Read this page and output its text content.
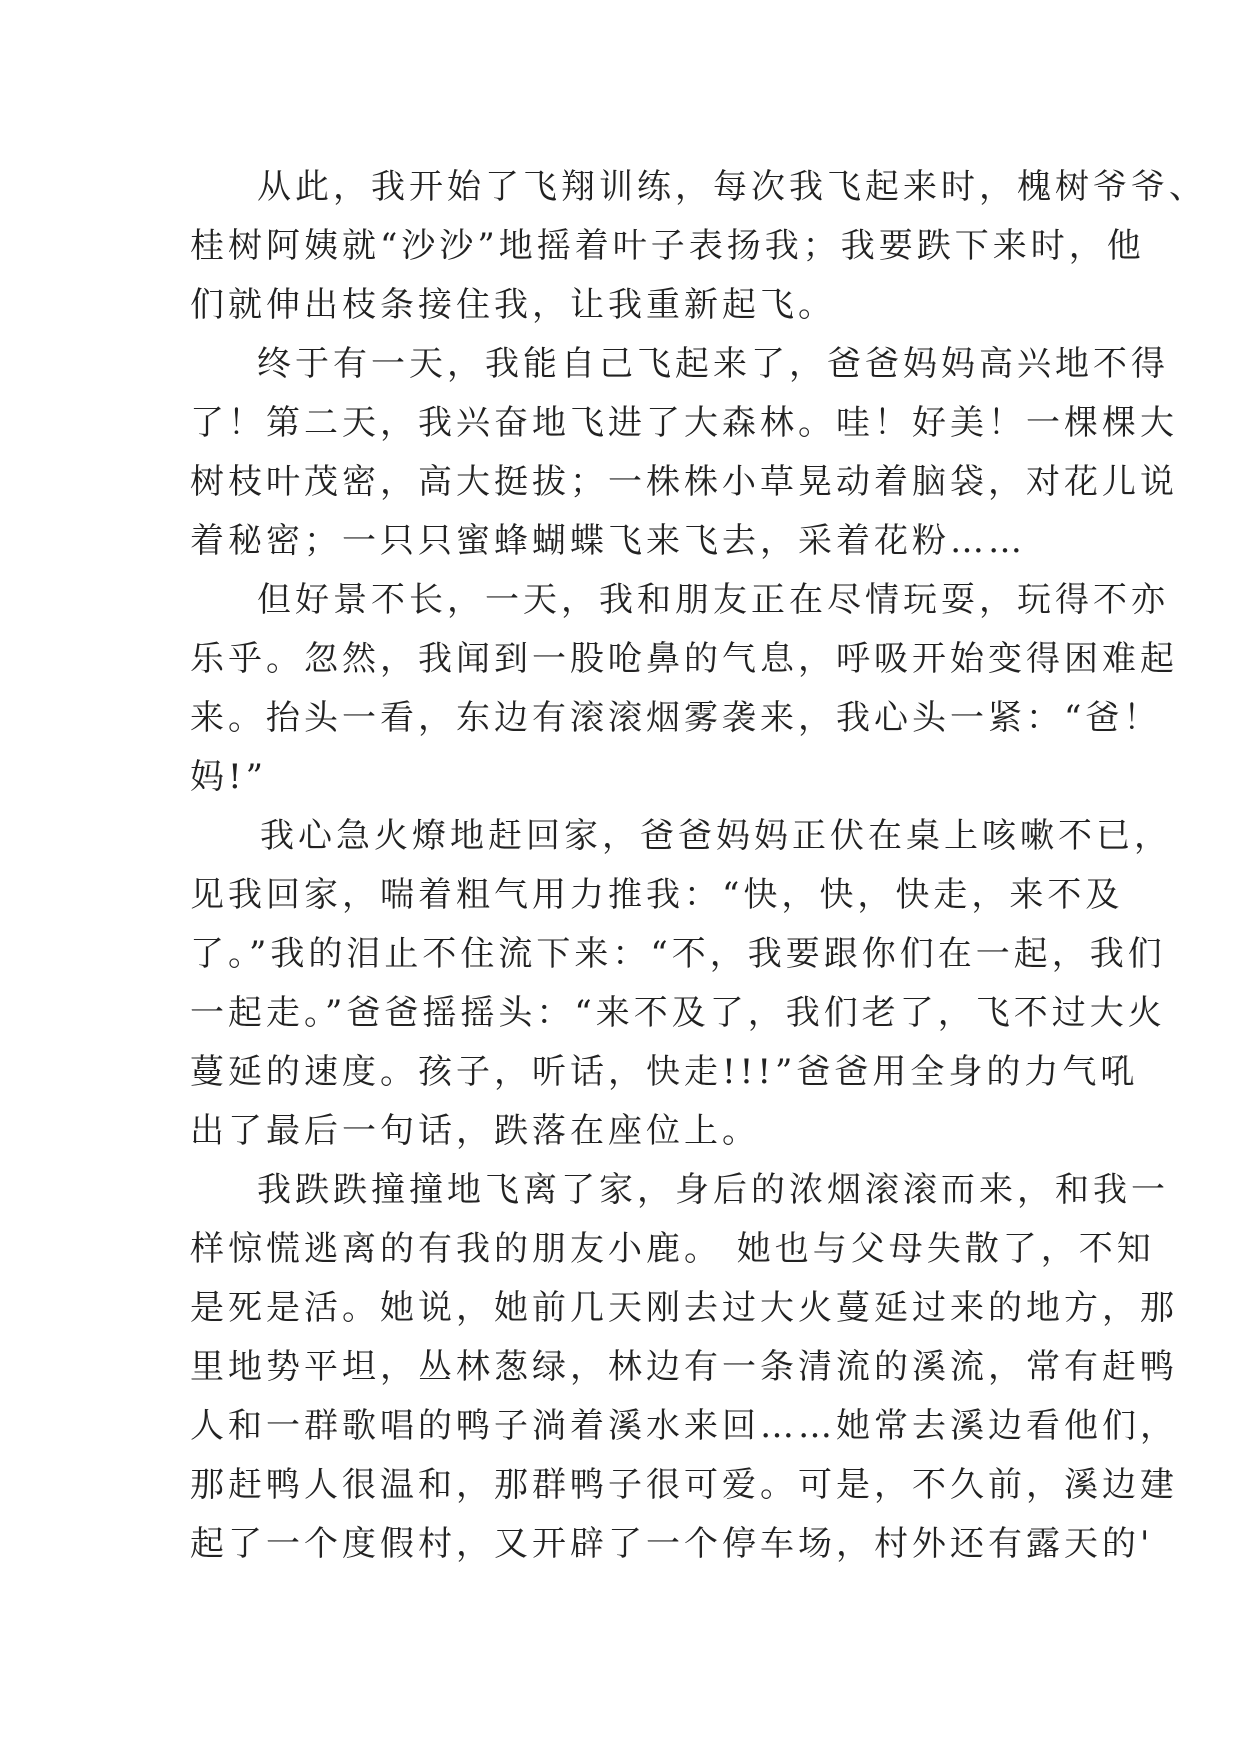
从此，我开始了飞翔训练，每次我飞起来时，槐树爷爷、
桂树阿姨就“沙沙”地摇着叶子表扬我；我要跌下来时，他
们就伸出枝条接住我，让我重新起飞。
终于有一天，我能自己飞起来了，爸爸妈妈高兴地不得
了！第二天，我兴奋地飞进了大森林。哇！好美！一棵棵大
树枝叶茂密，高大挺拔；一株株小草晃动着脑袋，对花儿说
着秘密；一只只蜜蜂蝴蝶飞来飞去，采着花粉……
但好景不长，一天，我和朋友正在尽情玩耍，玩得不亦
乐乎。忽然，我闻到一股呛鼻的气息，呼吸开始变得困难起
来。抬头一看，东边有滚滚烟雾袭来，我心头一紧：“爸！
妈!”
我心急火燎地赶回家，爸爸妈妈正伏在桌上咳嗽不已，
见我回家，喘着粗气用力推我：“快，快，快走，来不及
了。”我的泪止不住流下来：“不，我要跟你们在一起，我们
一起走。”爸爸摇摇头：“来不及了，我们老了，飞不过大火
蔓延的速度。孩子，听话，快走!!!”爸爸用全身的力气吼
出了最后一句话，跌落在座位上。
我跌跌撞撞地飞离了家，身后的浓烟滚滚而来，和我一
样惊慌逃离的有我的朋友小鹿。 她也与父母失散了，不知
是死是活。她说，她前几天刚去过大火蔓延过来的地方，那
里地势平坦，丛林葱绿，林边有一条清流的溪流，常有赶鸭
人和一群歌唱的鸭子淌着溪水来回……她常去溪边看他们，
那赶鸭人很温和，那群鸭子很可爱。可是，不久前，溪边建
起了一个度假村，又开辟了一个停车场，村外还有露天的'
